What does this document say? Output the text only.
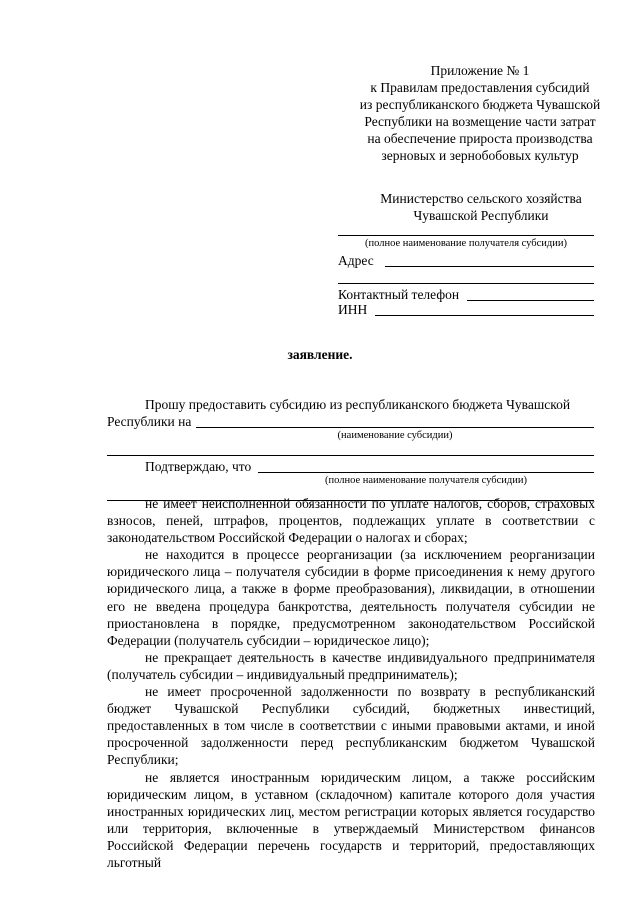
Приложение № 1
к Правилам предоставления субсидий
из республиканского бюджета Чувашской
Республики на возмещение части затрат
на обеспечение прироста производства
зерновых и зернобобовых культур
Министерство сельского хозяйства
Чувашской Республики
(полное наименование получателя субсидии)
Адрес
Контактный телефон
ИНН
заявление.
Прошу предоставить субсидию из республиканского бюджета Чувашской
Республики на
(наименование субсидии)
Подтверждаю, что
(полное наименование получателя субсидии)

не имеет неисполненной обязанности по уплате налогов, сборов, страховых взносов, пеней, штрафов, процентов, подлежащих уплате в соответствии с законодательством Российской Федерации о налогах и сборах;

не находится в процессе реорганизации (за исключением реорганизации юридического лица – получателя субсидии в форме присоединения к нему другого юридического лица, а также в форме преобразования), ликвидации, в отношении его не введена процедура банкротства, деятельность получателя субсидии не приостановлена в порядке, предусмотренном законодательством Российской Федерации (получатель субсидии – юридическое лицо);

не прекращает деятельность в качестве индивидуального предпринимателя (получатель субсидии – индивидуальный предприниматель);

не имеет просроченной задолженности по возврату в республиканский бюджет Чувашской Республики субсидий, бюджетных инвестиций, предоставленных в том числе в соответствии с иными правовыми актами, и иной просроченной задолженности перед республиканским бюджетом Чувашской Республики;

не является иностранным юридическим лицом, а также российским юридическим лицом, в уставном (складочном) капитале которого доля участия иностранных юридических лиц, местом регистрации которых является государство или территория, включенные в утверждаемый Министерством финансов Российской Федерации перечень государств и территорий, предоставляющих льготный
